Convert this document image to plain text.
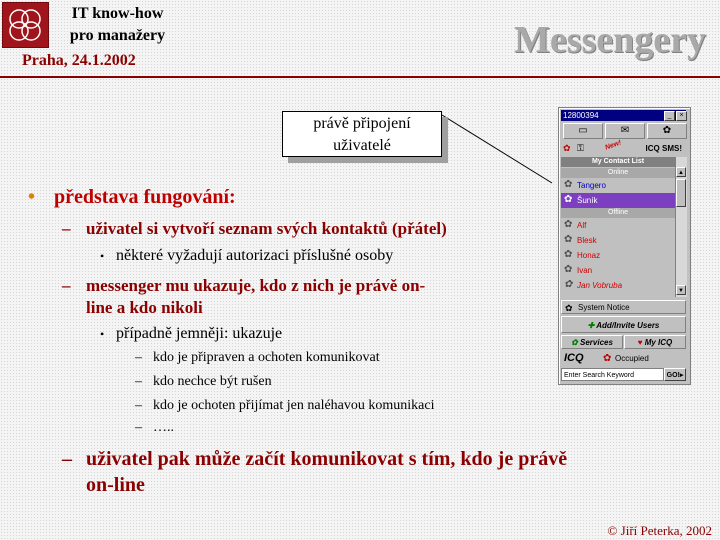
IT know-how
pro manažery
Praha, 24.1.2002	Messengery
právě připojení
uživatelé
• představa fungování:
– uživatel si vytvoří seznam svých kontaktů (přátel)
• některé vyžadují autorizaci příslušné osoby
– messenger mu ukazuje, kdo z nich je právě on-
line a kdo nikoli
• případně jemněji: ukazuje
– kdo je připraven a ochoten komunikovat
– kdo nechce být rušen
– kdo je ochoten přijímat jen naléhavou komunikaci
– …..
– uživatel pak může začít komunikovat s tím, kdo je právě
on-line
© Jiří Peterka, 2002
12800394	_	×
▭	✉	✿
✿ ⚿	New!	ICQ SMS!
My Contact List
Online
✿ Tangero
✿ Šuník
Offline
✿ Alf
✿ Blesk
✿ Honaz
✿ Ivan
✿ Jan Vobruba
▲
▼
✿ System Notice
✚ Add/Invite Users
✿ Services	♥ My ICQ
ICQ ✿ Occupied
Enter Search Keyword	GO!▸
